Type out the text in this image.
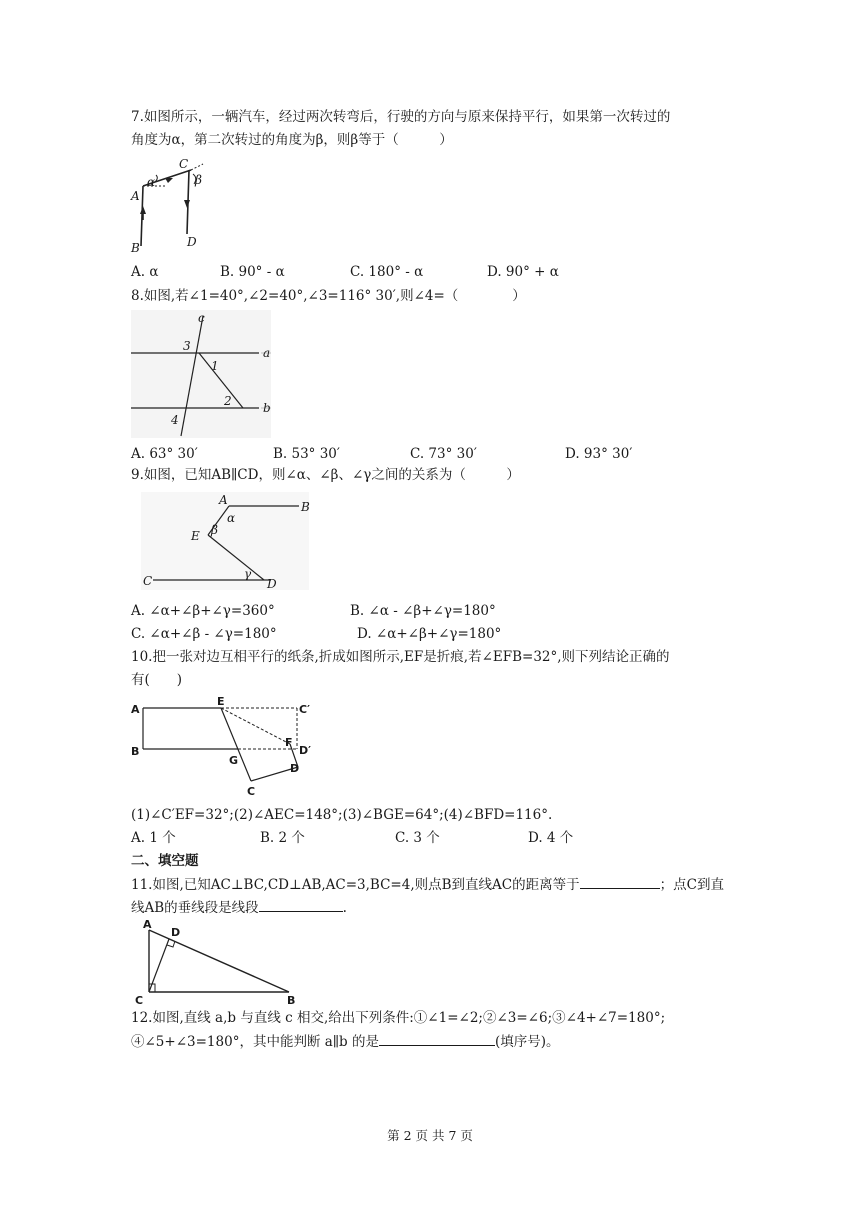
7.如图所示，一辆汽车，经过两次转弯后，行驶的方向与原来保持平行，如果第一次转过的
角度为α，第二次转过的角度为β，则β等于（　　　）
A
B
C
D
α	β
A. α	B. 90° - α	C. 180° - α	D. 90° + α
8.如图,若∠1=40°,∠2=40°,∠3=116° 30′,则∠4=（　　　　）
a
b
c
1
2
3
4
A. 63° 30′	B. 53° 30′	C. 73° 30′	D. 93° 30′
9.如图，已知AB∥CD，则∠α、∠β、∠γ之间的关系为（　　　）
A	B
C	D
E
α
β
γ
A. ∠α+∠β+∠γ=360°	B. ∠α - ∠β+∠γ=180°
C. ∠α+∠β - ∠γ=180°	D. ∠α+∠β+∠γ=180°
10.把一张对边互相平行的纸条,折成如图所示,EF是折痕,若∠EFB=32°,则下列结论正确的
有(　　)
A
B
C
C′
D
D′
E
F
G
(1)∠C′EF=32°;(2)∠AEC=148°;(3)∠BGE=64°;(4)∠BFD=116°.
A. 1 个	B. 2 个	C. 3 个	D. 4 个
二、填空题
11.如图,已知AC⊥BC,CD⊥AB,AC=3,BC=4,则点B到直线AC的距离等于	；点C到直
线AB的垂线段是线段	.
A
B
C
D
12.如图,直线 a,b 与直线 c 相交,给出下列条件:①∠1=∠2;②∠3=∠6;③∠4+∠7=180°;
④∠5+∠3=180°，其中能判断 a∥b 的是	(填序号)。
第 2 页 共 7 页
